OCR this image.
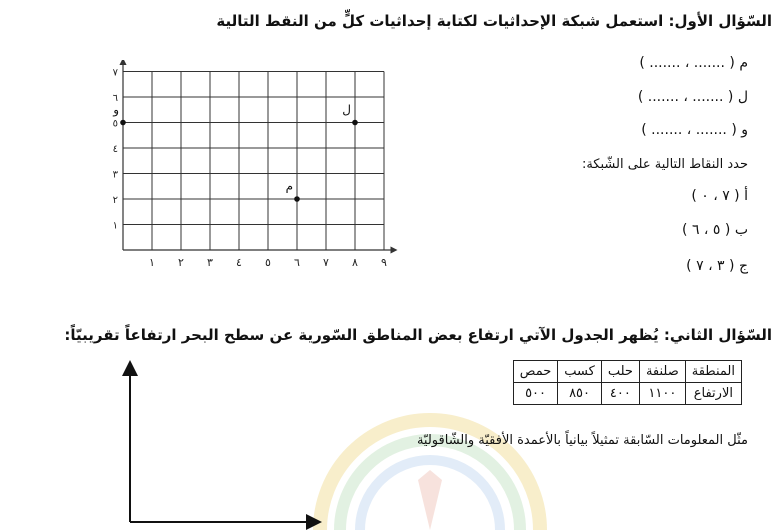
السّؤال الأول: استعمل شبكة الإحداثيات لكتابة إحداثيات كلٍّ من النقط التالية
١ ٢ ٣ ٤ ٥ ٦ ٧ ٨ ٩
١
٢
٣
٤
٥
٦
٧
و
م
ل
م ( ....... ، ....... )
ل ( ....... ، ....... )
و ( ....... ، ....... )
حدد النقاط التالية على الشّبكة:
أ ( ٧ ، ٠ )
ب ( ٥ ، ٦ )
ج ( ٣ ، ٧ )
السّؤال الثاني: يُظهر الجدول الآتي ارتفاع بعض المناطق السّورية عن سطح البحر ارتفاعاً تقريبيّاً:
المنطقة	صلنفة	حلب	كسب	حمص
الارتفاع	١١٠٠	٤٠٠	٨٥٠	٥٠٠
مثّل المعلومات السّابقة تمثيلاً بيانياً بالأعمدة الأفقيّة والشّاقوليّة
